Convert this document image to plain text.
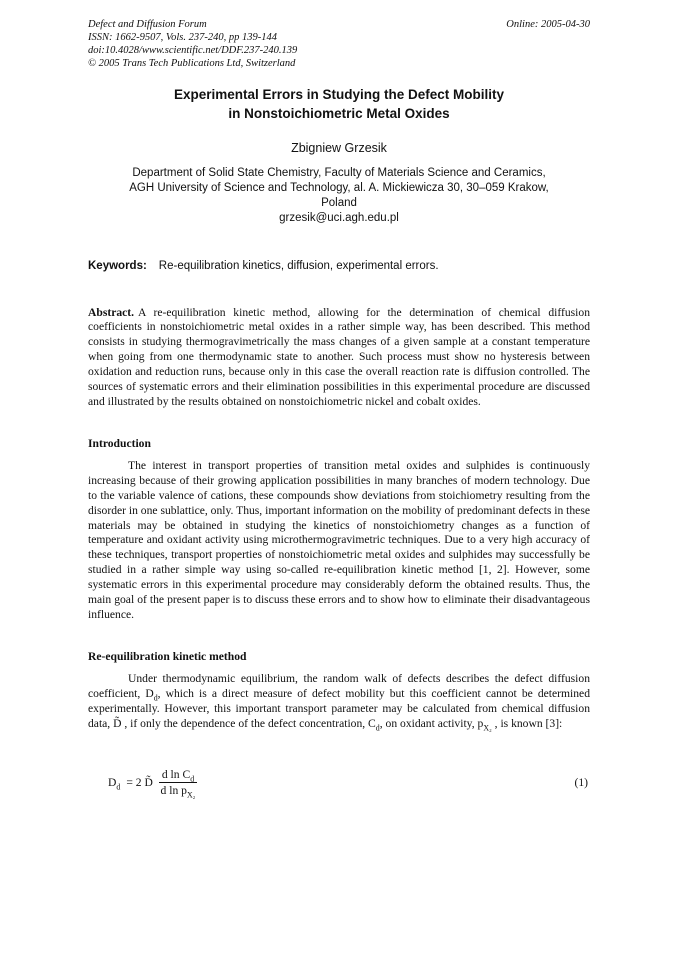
Defect and Diffusion Forum
ISSN: 1662-9507, Vols. 237-240, pp 139-144
doi:10.4028/www.scientific.net/DDF.237-240.139
© 2005 Trans Tech Publications Ltd, Switzerland
Online: 2005-04-30
Experimental Errors in Studying the Defect Mobility
in Nonstoichiometric Metal Oxides
Zbigniew Grzesik
Department of Solid State Chemistry, Faculty of Materials Science and Ceramics,
AGH University of Science and Technology, al. A. Mickiewicza 30, 30–059 Krakow,
Poland
grzesik@uci.agh.edu.pl
Keywords: Re-equilibration kinetics, diffusion, experimental errors.

Abstract. A re-equilibration kinetic method, allowing for the determination of chemical diffusion coefficients in nonstoichiometric metal oxides in a rather simple way, has been described. This method consists in studying thermogravimetrically the mass changes of a given sample at a constant temperature when going from one thermodynamic state to another. Such process must show no hysteresis between oxidation and reduction runs, because only in this case the overall reaction rate is diffusion controlled. The sources of systematic errors and their elimination possibilities in this experimental procedure are discussed and illustrated by the results obtained on nonstoichiometric nickel and cobalt oxides.

Introduction

The interest in transport properties of transition metal oxides and sulphides is continuously increasing because of their growing application possibilities in many branches of modern technology. Due to the variable valence of cations, these compounds show deviations from stoichiometry resulting from the disorder in one sublattice, only. Thus, important information on the mobility of predominant defects in these materials may be obtained in studying the kinetics of nonstoichiometry changes as a function of temperature and oxidant activity using microthermogravimetric techniques. Due to a very high accuracy of these techniques, transport properties of nonstoichiometric metal oxides and sulphides may successfully be studied in a rather simple way using so-called re-equilibration kinetic method [1, 2]. However, some systematic errors in this experimental procedure may considerably deform the obtained results. Thus, the main goal of the present paper is to discuss these errors and to show how to eliminate their disadvantageous influence.

Re-equilibration kinetic method

Under thermodynamic equilibrium, the random walk of defects describes the defect diffusion coefficient, $D_d$, which is a direct measure of defect mobility but this coefficient cannot be determined experimentally. However, this important transport parameter may be calculated from chemical diffusion data, D̃ , if only the dependence of the defect concentration, $C_d$, on oxidant activity, $p_{X_2}$ , is known [3]:

$D_d = 2$ D̃ $\frac{d \ln C_d}{d \ln p_{X_2}}$	(1)
